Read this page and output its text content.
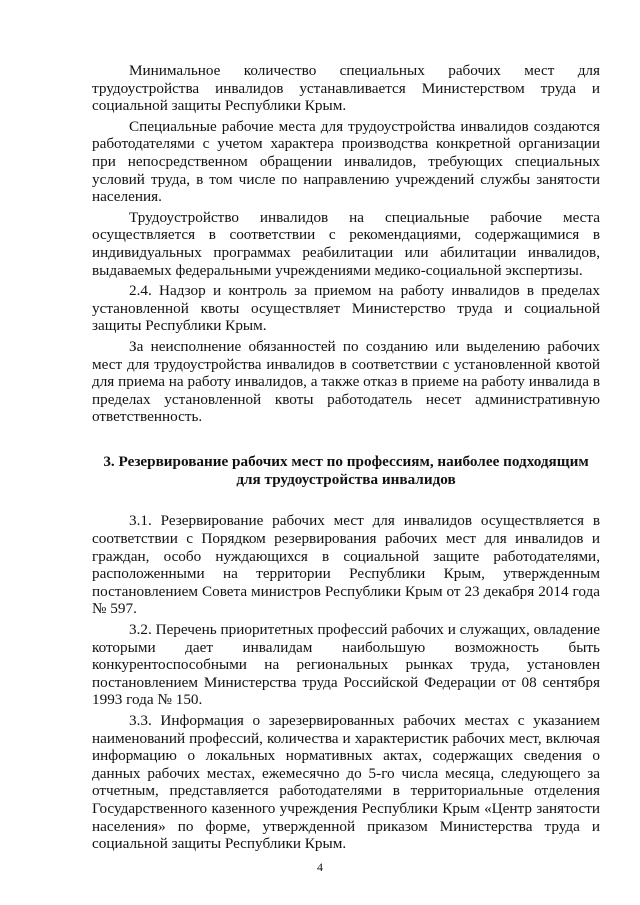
Минимальное количество специальных рабочих мест для трудоустройства инвалидов устанавливается Министерством труда и социальной защиты Республики Крым.

Специальные рабочие места для трудоустройства инвалидов создаются работодателями с учетом характера производства конкретной организации при непосредственном обращении инвалидов, требующих специальных условий труда, в том числе по направлению учреждений службы занятости населения.

Трудоустройство инвалидов на специальные рабочие места осуществляется в соответствии с рекомендациями, содержащимися в индивидуальных программах реабилитации или абилитации инвалидов, выдаваемых федеральными учреждениями медико-социальной экспертизы.

2.4. Надзор и контроль за приемом на работу инвалидов в пределах установленной квоты осуществляет Министерство труда и социальной защиты Республики Крым.

За неисполнение обязанностей по созданию или выделению рабочих мест для трудоустройства инвалидов в соответствии с установленной квотой для приема на работу инвалидов, а также отказ в приеме на работу инвалида в пределах установленной квоты работодатель несет административную ответственность.

3. Резервирование рабочих мест по профессиям, наиболее подходящим

для трудоустройства инвалидов

3.1. Резервирование рабочих мест для инвалидов осуществляется в соответствии с Порядком резервирования рабочих мест для инвалидов и граждан, особо нуждающихся в социальной защите работодателями, расположенными на территории Республики Крым, утвержденным постановлением Совета министров Республики Крым от 23 декабря 2014 года № 597.

3.2. Перечень приоритетных профессий рабочих и служащих, овладение которыми дает инвалидам наибольшую возможность быть конкурентоспособными на региональных рынках труда, установлен постановлением Министерства труда Российской Федерации от 08 сентября 1993 года № 150.

3.3. Информация о зарезервированных рабочих местах с указанием наименований профессий, количества и характеристик рабочих мест, включая информацию о локальных нормативных актах, содержащих сведения о данных рабочих местах, ежемесячно до 5-го числа месяца, следующего за отчетным, представляется работодателями в территориальные отделения Государственного казенного учреждения Республики Крым «Центр занятости населения» по форме, утвержденной приказом Министерства труда и социальной защиты Республики Крым.

4
